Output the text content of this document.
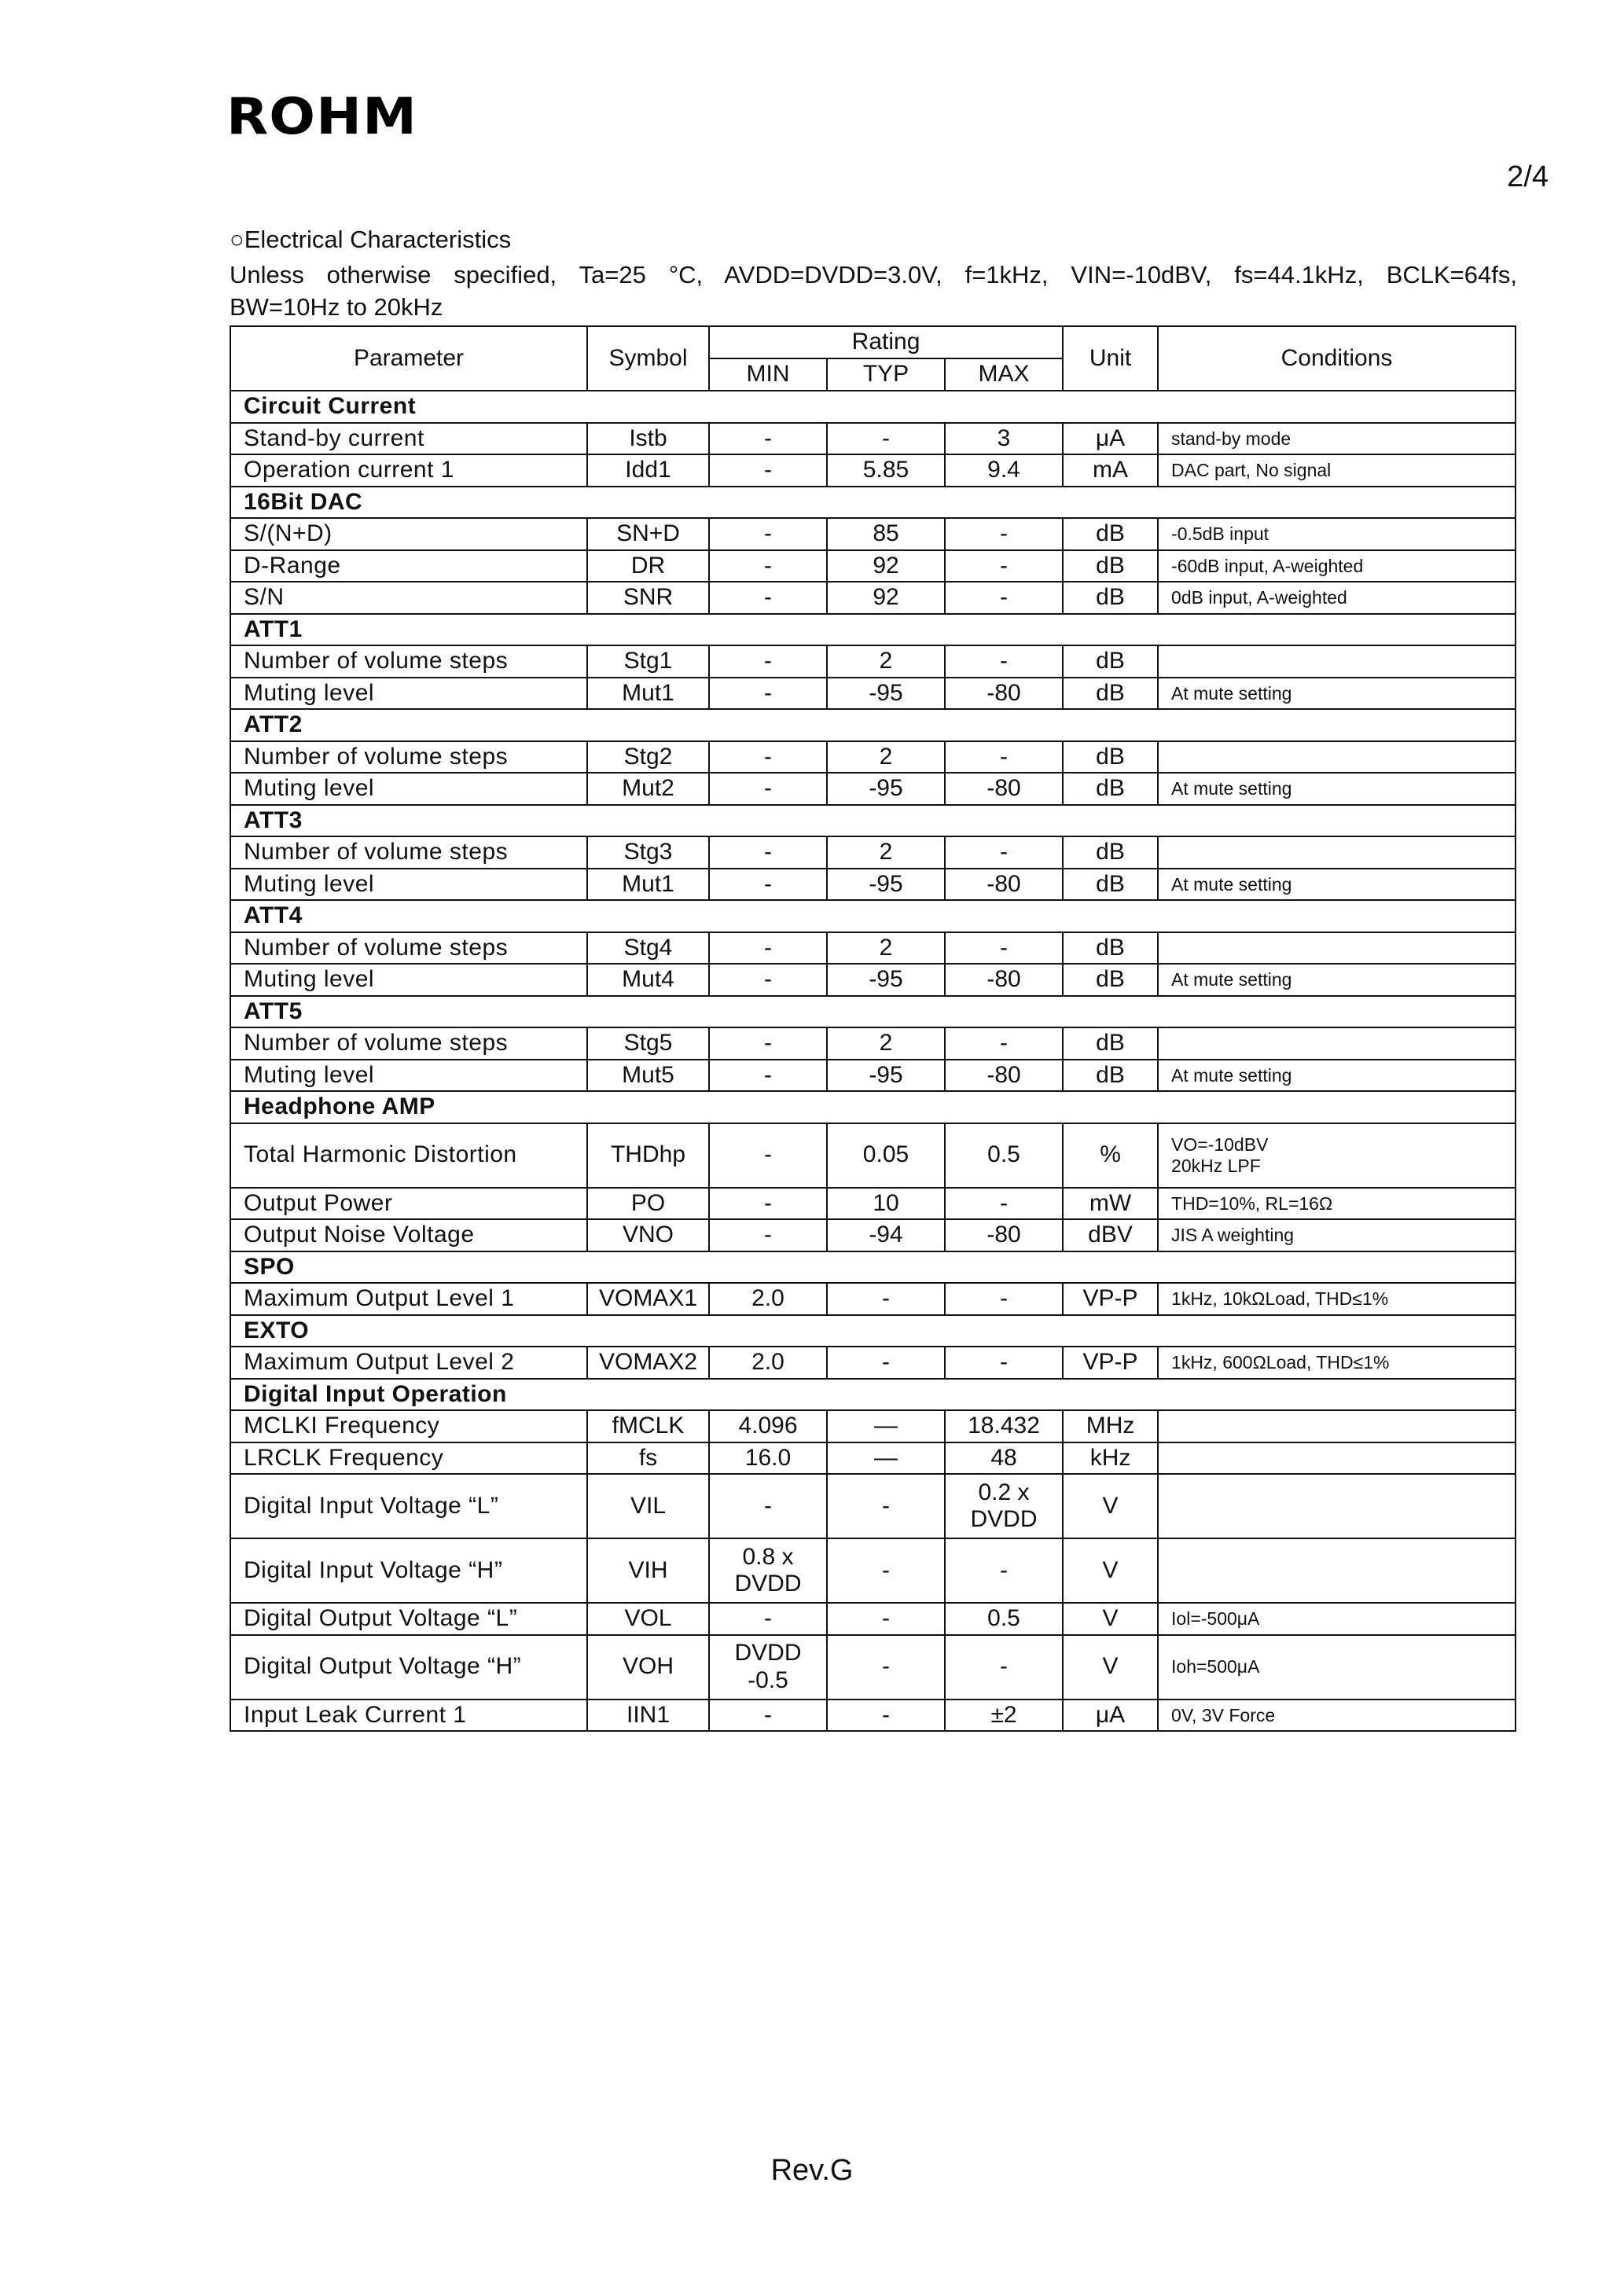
ROHM
2/4
○Electrical Characteristics
Unless otherwise specified, Ta=25 °C, AVDD=DVDD=3.0V, f=1kHz, VIN=-10dBV, fs=44.1kHz, BCLK=64fs,
BW=10Hz to 20kHz
Parameter	Symbol	Rating			Unit	Conditions
		MIN	TYP	MAX		
Circuit Current						
Stand-by current	Istb	-	-	3	μA	stand-by mode
Operation current 1	Idd1	-	5.85	9.4	mA	DAC part, No signal
16Bit DAC						
S/(N+D)	SN+D	-	85	-	dB	-0.5dB input
D-Range	DR	-	92	-	dB	-60dB input, A-weighted
S/N	SNR	-	92	-	dB	0dB input, A-weighted
ATT1						
Number of volume steps	Stg1	-	2	-	dB	
Muting level	Mut1	-	-95	-80	dB	At mute setting
ATT2						
Number of volume steps	Stg2	-	2	-	dB	
Muting level	Mut2	-	-95	-80	dB	At mute setting
ATT3						
Number of volume steps	Stg3	-	2	-	dB	
Muting level	Mut1	-	-95	-80	dB	At mute setting
ATT4						
Number of volume steps	Stg4	-	2	-	dB	
Muting level	Mut4	-	-95	-80	dB	At mute setting
ATT5						
Number of volume steps	Stg5	-	2	-	dB	
Muting level	Mut5	-	-95	-80	dB	At mute setting
Headphone AMP						
Total Harmonic Distortion	THDhp	-	0.05	0.5	%	VO=-10dBV
20kHz LPF
Output Power	PO	-	10	-	mW	THD=10%, RL=16Ω
Output Noise Voltage	VNO	-	-94	-80	dBV	JIS A weighting
SPO						
Maximum Output Level 1	VOMAX1	2.0	-	-	VP-P	1kHz, 10kΩLoad, THD≤1%
EXTO						
Maximum Output Level 2	VOMAX2	2.0	-	-	VP-P	1kHz, 600ΩLoad, THD≤1%
Digital Input Operation						
MCLKI Frequency	fMCLK	4.096	—	18.432	MHz	
LRCLK Frequency	fs	16.0	—	48	kHz	
Digital Input Voltage “L”	VIL	-	-	0.2 x
DVDD	V	
Digital Input Voltage “H”	VIH	0.8 x
DVDD	-	-	V	
Digital Output Voltage “L”	VOL	-	-	0.5	V	Iol=-500μA
Digital Output Voltage “H”	VOH	DVDD
-0.5	-	-	V	Ioh=500μA
Input Leak Current 1	IIN1	-	-	±2	μA	0V, 3V Force
Rev.G
